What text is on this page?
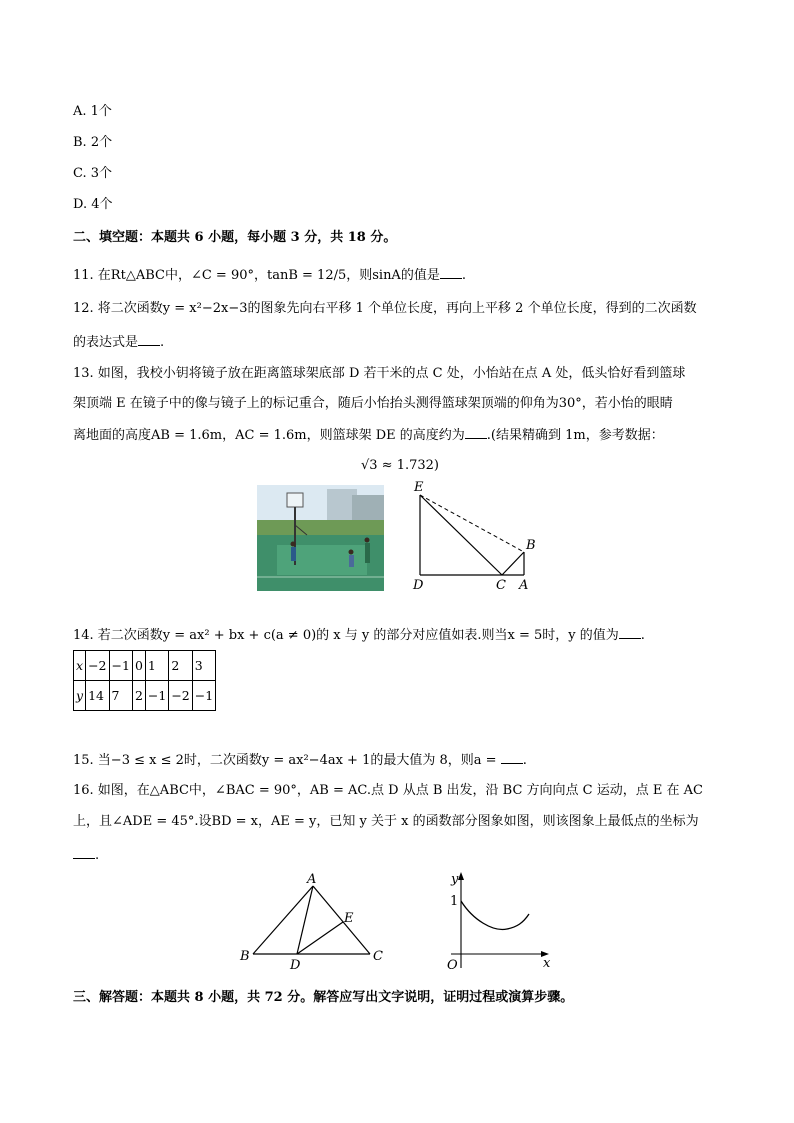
A. 1个
B. 2个
C. 3个
D. 4个
二、填空题：本题共 6 小题，每小题 3 分，共 18 分。
11. 在Rt△ABC中，∠C = 90°，tanB = 12/5，则sinA的值是 .
12. 将二次函数y = x²−2x−3的图象先向右平移 1 个单位长度，再向上平移 2 个单位长度，得到的二次函数
的表达式是 .
13. 如图，我校小钥将镜子放在距离篮球架底部 D 若干米的点 C 处，小怡站在点 A 处，低头恰好看到篮球
架顶端 E 在镜子中的像与镜子上的标记重合，随后小怡抬头测得篮球架顶端的仰角为30°，若小怡的眼睛
离地面的高度AB = 1.6m，AC = 1.6m，则篮球架 DE 的高度约为 .(结果精确到 1m，参考数据：
√3 ≈ 1.732)
E
B
D	C A
14. 若二次函数y = ax² + bx + c(a ≠ 0)的 x 与 y 的部分对应值如表.则当x = 5时，y 的值为 .
x	−2	−1	0	1	2	3
y	14	7	2	−1	−2	−1
15. 当−3 ≤ x ≤ 2时，二次函数y = ax²−4ax + 1的最大值为 8，则a = .
16. 如图，在△ABC中，∠BAC = 90°，AB = AC.点 D 从点 B 出发，沿 BC 方向向点 C 运动，点 E 在 AC
上，且∠ADE = 45°.设BD = x，AE = y，已知 y 关于 x 的函数部分图象如图，则该图象上最低点的坐标为
.
A
B	C
D
E
y
x
O
1
三、解答题：本题共 8 小题，共 72 分。解答应写出文字说明，证明过程或演算步骤。
